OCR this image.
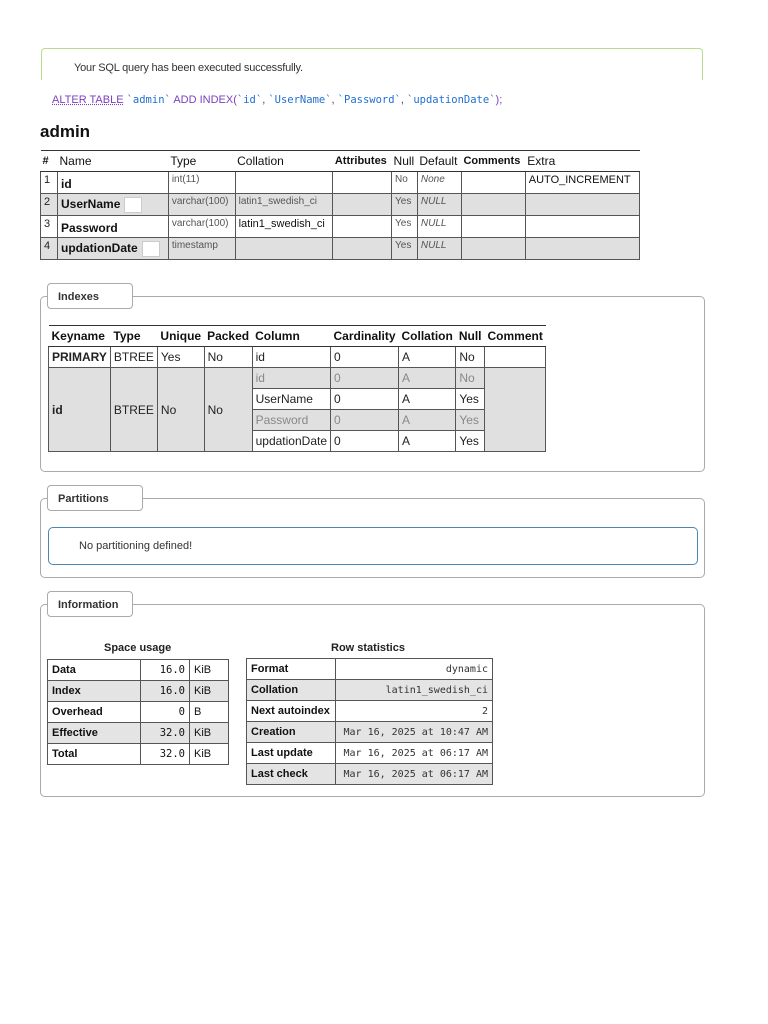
Your SQL query has been executed successfully.
ALTER TABLE `admin` ADD INDEX(`id`, `UserName`, `Password`, `updationDate`);
admin
#	Name	Type	Collation	Attributes	Null	Default	Comments	Extra
1	id	int(11)			No	None		AUTO_INCREMENT
2	UserName	varchar(100)	latin1_swedish_ci		Yes	NULL		
3	Password	varchar(100)	latin1_swedish_ci		Yes	NULL		
4	updationDate	timestamp			Yes	NULL		
Indexes
Keyname	Type	Unique	Packed	Column	Cardinality	Collation	Null	Comment
PRIMARY	BTREE	Yes	No	id	0	A	No	
id	BTREE	No	No	id	0	A	No	
				UserName	0	A	Yes	
				Password	0	A	Yes	
				updationDate	0	A	Yes	
Partitions
No partitioning defined!
Information
Space usage
Data	16.0	KiB
Index	16.0	KiB
Overhead	0	B
Effective	32.0	KiB
Total	32.0	KiB
Row statistics
Format	dynamic
Collation	latin1_swedish_ci
Next autoindex	2
Creation	Mar 16, 2025 at 10:47 AM
Last update	Mar 16, 2025 at 06:17 AM
Last check	Mar 16, 2025 at 06:17 AM
